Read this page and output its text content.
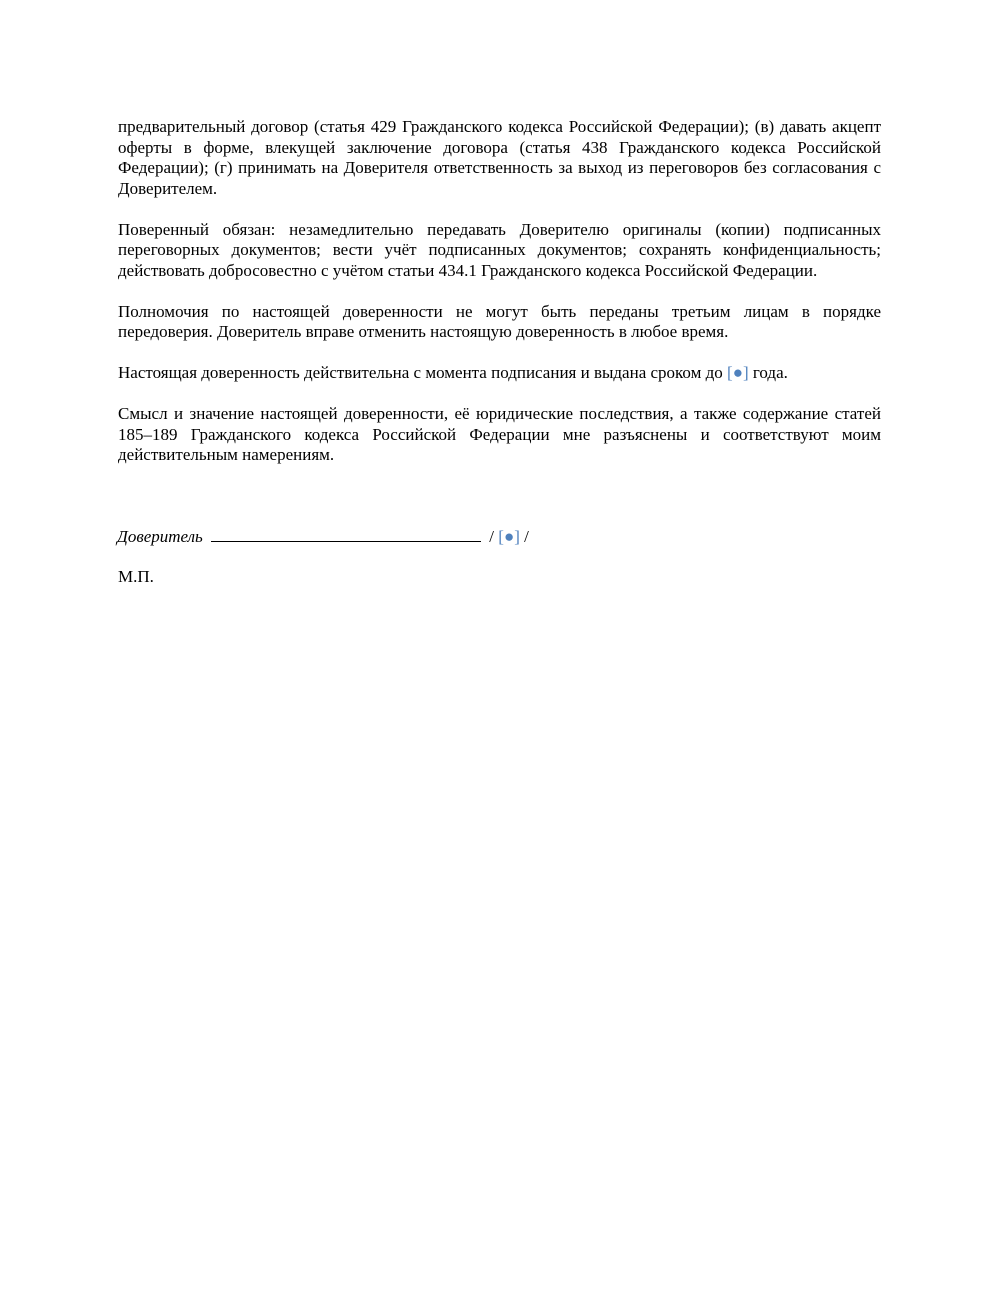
предварительный договор (статья 429 Гражданского кодекса Российской Федерации); (в) давать акцепт оферты в форме, влекущей заключение договора (статья 438 Гражданского кодекса Российской Федерации); (г) принимать на Доверителя ответственность за выход из переговоров без согласования с Доверителем.

Поверенный обязан: незамедлительно передавать Доверителю оригиналы (копии) подписанных переговорных документов; вести учёт подписанных документов; сохранять конфиденциальность; действовать добросовестно с учётом статьи 434.1 Гражданского кодекса Российской Федерации.

Полномочия по настоящей доверенности не могут быть переданы третьим лицам в порядке передоверия. Доверитель вправе отменить настоящую доверенность в любое время.

Настоящая доверенность действительна с момента подписания и выдана сроком до [●] года.

Смысл и значение настоящей доверенности, её юридические последствия, а также содержание статей 185–189 Гражданского кодекса Российской Федерации мне разъяснены и соответствуют моим действительным намерениям.

Доверитель	/ [●] /
М.П.
